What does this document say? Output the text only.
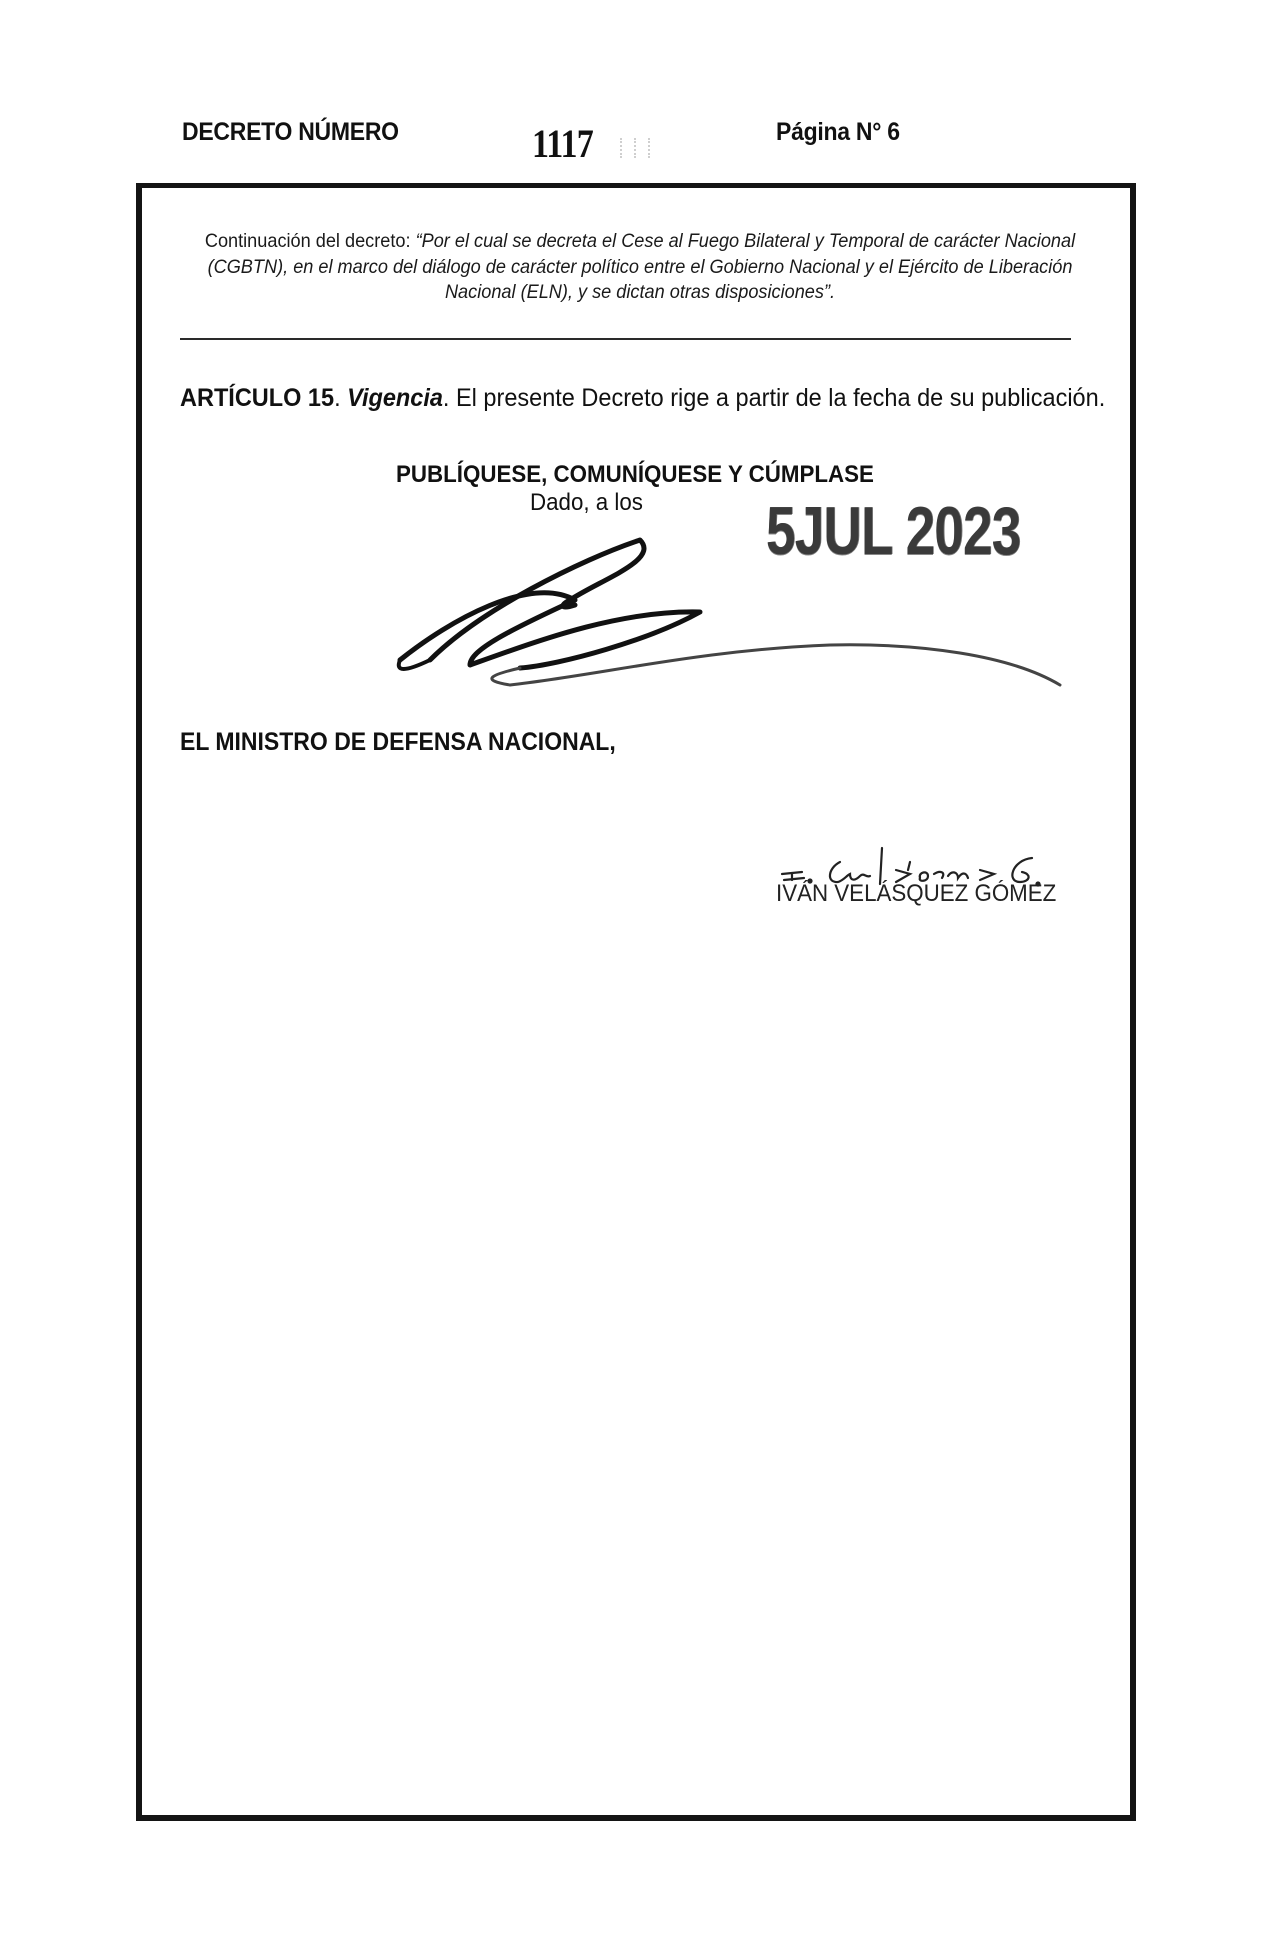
DECRETO NÚMERO	1117	Página N° 6
Continuación del decreto: “Por el cual se decreta el Cese al Fuego Bilateral y Temporal de carácter Nacional (CGBTN), en el marco del diálogo de carácter político entre el Gobierno Nacional y el Ejército de Liberación Nacional (ELN), y se dictan otras disposiciones”.
ARTÍCULO 15. Vigencia. El presente Decreto rige a partir de la fecha de su publicación.
PUBLÍQUESE, COMUNÍQUESE Y CÚMPLASE
Dado, a los 5JUL 2023
EL MINISTRO DE DEFENSA NACIONAL,
IVÁN VELÁSQUEZ GÓMEZ
